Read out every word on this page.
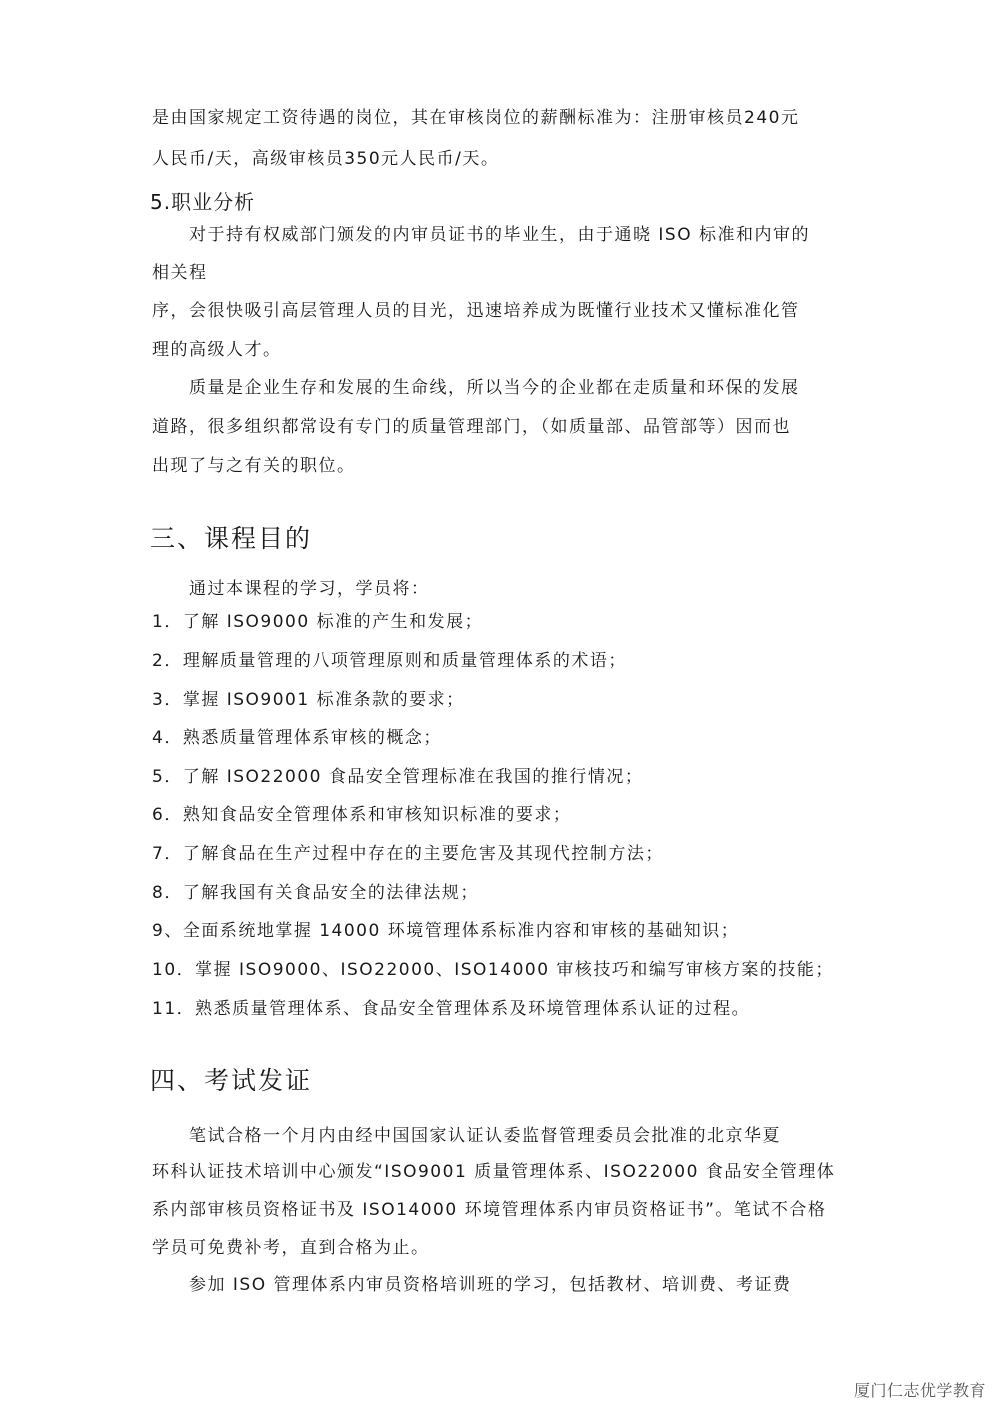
是由国家规定工资待遇的岗位，其在审核岗位的薪酬标准为：注册审核员240元
人民币/天，高级审核员350元人民币/天。
5.职业分析
对于持有权威部门颁发的内审员证书的毕业生，由于通晓 ISO 标准和内审的
相关程
序，会很快吸引高层管理人员的目光，迅速培养成为既懂行业技术又懂标准化管
理的高级人才。
质量是企业生存和发展的生命线，所以当今的企业都在走质量和环保的发展
道路，很多组织都常设有专门的质量管理部门，（如质量部、品管部等）因而也
出现了与之有关的职位。
三、课程目的
通过本课程的学习，学员将：
1．了解 ISO9000 标准的产生和发展；
2．理解质量管理的八项管理原则和质量管理体系的术语；
3．掌握 ISO9001 标准条款的要求；
4．熟悉质量管理体系审核的概念；
5．了解 ISO22000 食品安全管理标准在我国的推行情况；
6．熟知食品安全管理体系和审核知识标准的要求；
7．了解食品在生产过程中存在的主要危害及其现代控制方法；
8．了解我国有关食品安全的法律法规；
9、全面系统地掌握 14000 环境管理体系标准内容和审核的基础知识；
10．掌握 ISO9000、ISO22000、ISO14000 审核技巧和编写审核方案的技能；
11．熟悉质量管理体系、食品安全管理体系及环境管理体系认证的过程。
四、考试发证
笔试合格一个月内由经中国国家认证认委监督管理委员会批准的北京华夏
环科认证技术培训中心颁发“ISO9001 质量管理体系、ISO22000 食品安全管理体
系内部审核员资格证书及 ISO14000 环境管理体系内审员资格证书”。笔试不合格
学员可免费补考，直到合格为止。
参加 ISO 管理体系内审员资格培训班的学习，包括教材、培训费、考证费
厦门仁志优学教育
